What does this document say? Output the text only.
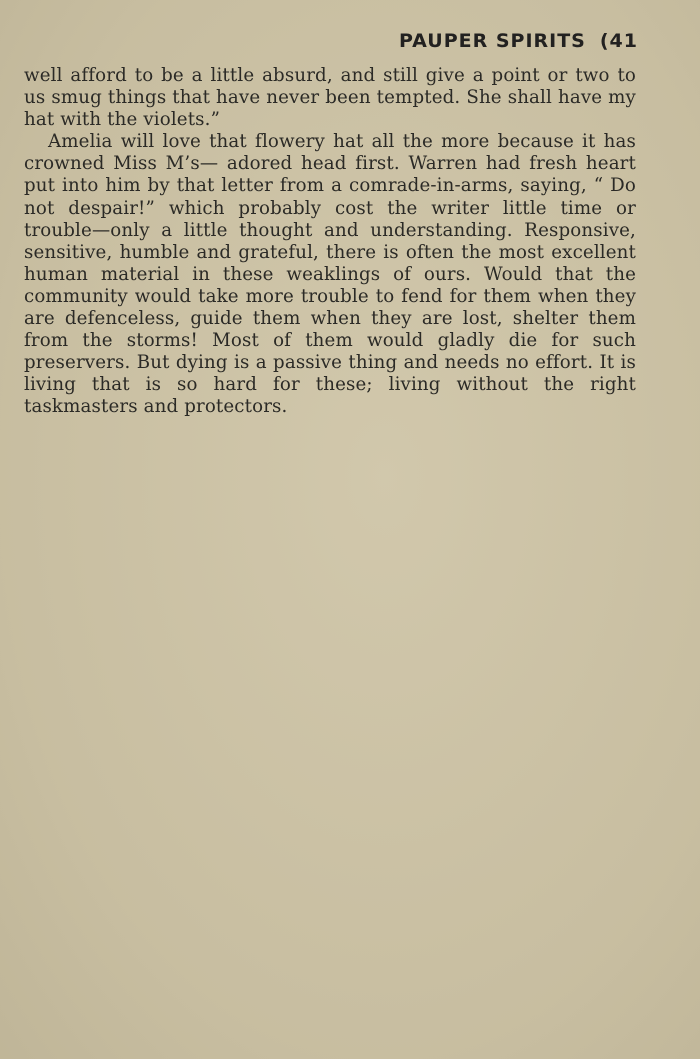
PAUPER SPIRITS (41

well afford to be a little absurd, and still give a point or two to us smug things that have never been tempted. She shall have my hat with the violets.”

Amelia will love that flowery hat all the more because it has crowned Miss M’s— adored head first. Warren had fresh heart put into him by that letter from a comrade-in-arms, saying, “ Do not despair!” which probably cost the writer little time or trouble—only a little thought and understanding. Responsive, sensitive, humble and grateful, there is often the most excellent human material in these weaklings of ours. Would that the community would take more trouble to fend for them when they are defenceless, guide them when they are lost, shelter them from the storms! Most of them would gladly die for such preservers. But dying is a passive thing and needs no effort. It is living that is so hard for these; living without the right taskmasters and protectors.
